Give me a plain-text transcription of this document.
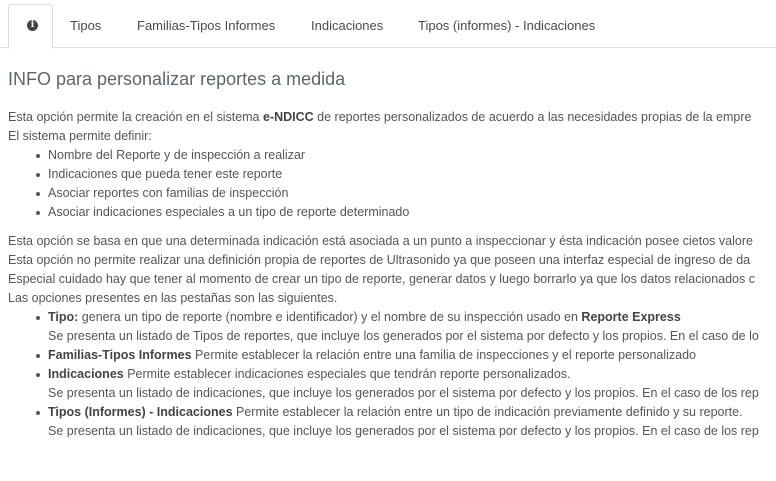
i	Tipos	Familias-Tipos Informes	Indicaciones	Tipos (informes) - Indicaciones
INFO para personalizar reportes a medida
Esta opción permite la creación en el sistema e-NDICC de reportes personalizados de acuerdo a las necesidades propias de la empre
El sistema permite definir:
Nombre del Reporte y de inspección a realizar
Indicaciones que pueda tener este reporte
Asociar reportes con familias de inspección
Asociar indicaciones especiales a un tipo de reporte determinado
Esta opción se basa en que una determinada indicación está asociada a un punto a inspeccionar y ésta indicación posee cietos valore
Esta opción no permite realizar una definición propia de reportes de Ultrasonido ya que poseen una interfaz especial de ingreso de da
Especial cuidado hay que tener al momento de crear un tipo de reporte, generar datos y luego borrarlo ya que los datos relacionados c
Las opciones presentes en las pestañas son las siguientes.
Tipo: genera un tipo de reporte (nombre e identificador) y el nombre de su inspección usado en Reporte Express
Se presenta un listado de Tipos de reportes, que incluye los generados por el sistema por defecto y los propios. En el caso de lo
Familias-Tipos Informes Permite establecer la relación entre una familia de inspecciones y el reporte personalizado
Indicaciones Permite establecer indicaciones especiales que tendrán reporte personalizados.
Se presenta un listado de indicaciones, que incluye los generados por el sistema por defecto y los propios. En el caso de los rep
Tipos (Informes) - Indicaciones Permite establecer la relación entre un tipo de indicación previamente definido y su reporte.
Se presenta un listado de indicaciones, que incluye los generados por el sistema por defecto y los propios. En el caso de los rep
